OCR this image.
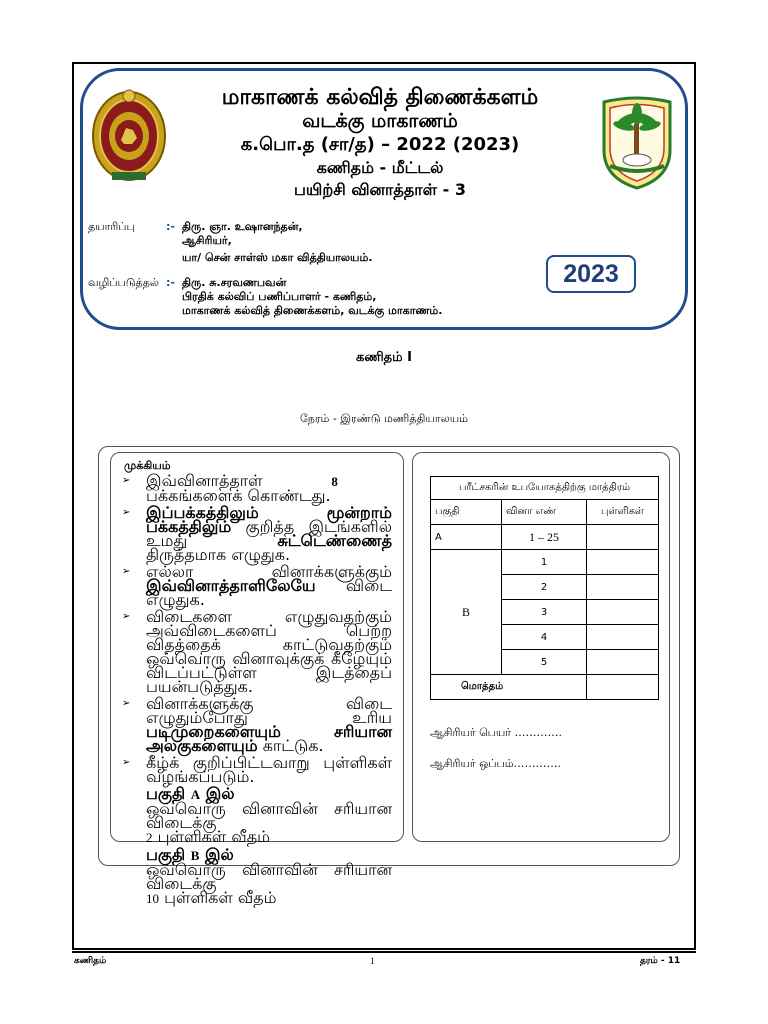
மாகாணக் கல்வித் திணைக்களம்
வடக்கு மாகாணம்
க.பொ.த (சா/த) – 2022 (2023)
கணிதம் - மீட்டல்
பயிற்சி வினாத்தாள் - 3
தயாரிப்பு	:- திரு. ஞா. உஷானந்தன்,
ஆசிரியர்,
யா/ சென் சாள்ஸ் மகா வித்தியாலயம்.
வழிப்படுத்தல் :- திரு. சு.சரவணபவன்
பிரதிக் கல்விப் பணிப்பாளர் - கணிதம்,
மாகாணக் கல்வித் திணைக்களம், வடக்கு மாகாணம்.
2023
கணிதம் I
நேரம் - இரண்டு மணித்தியாலயம்
முக்கியம்
➢ இவ்வினாத்தாள்	8       பக்கங்களைக் கொண்டது.
➢ இப்பக்கத்திலும்	மூன்றாம் பக்கத்திலும் குறித்த இடங்களில் உமது	சுட்டெண்ணைத் திருத்தமாக எழுதுக.
➢ எல்லா வினாக்களுக்கும் இவ்வினாத்தாளிலேயே விடை எழுதுக.
➢ விடைகளை எழுதுவதற்கும் அவ்விடைகளைப் பெற்ற விதத்தைக் காட்டுவதற்கும் ஒவ்வொரு வினாவுக்குக் கீழேயும் விடப்பட்டுள்ள இடத்தைப் பயன்படுத்துக.
➢ வினாக்களுக்கு விடை எழுதும்போது உரிய படிமுறைகளையும்	சரியான அலகுகளையும் காட்டுக.
➢ கீழ்க் குறிப்பிட்டவாறு புள்ளிகள் வழங்கப்படும்.
பகுதி A இல்
ஒவ்வொரு வினாவின் சரியான விடைக்கு
2 புள்ளிகள் வீதம்
பகுதி B இல்
ஒவ்வொரு வினாவின் சரியான விடைக்கு
10 புள்ளிகள் வீதம்
பரீட்சகரின் உபயோகத்திற்கு மாத்திரம்		
பகுதி	வினா எண்	புள்ளிகள்
A	1 – 25	
B	1	
	2	
	3	
	4	
	5	
மொத்தம்		
ஆசிரியர் பெயர் ………….
ஆசிரியர் ஒப்பம்………….
கணிதம்	1	தரம் - 11
